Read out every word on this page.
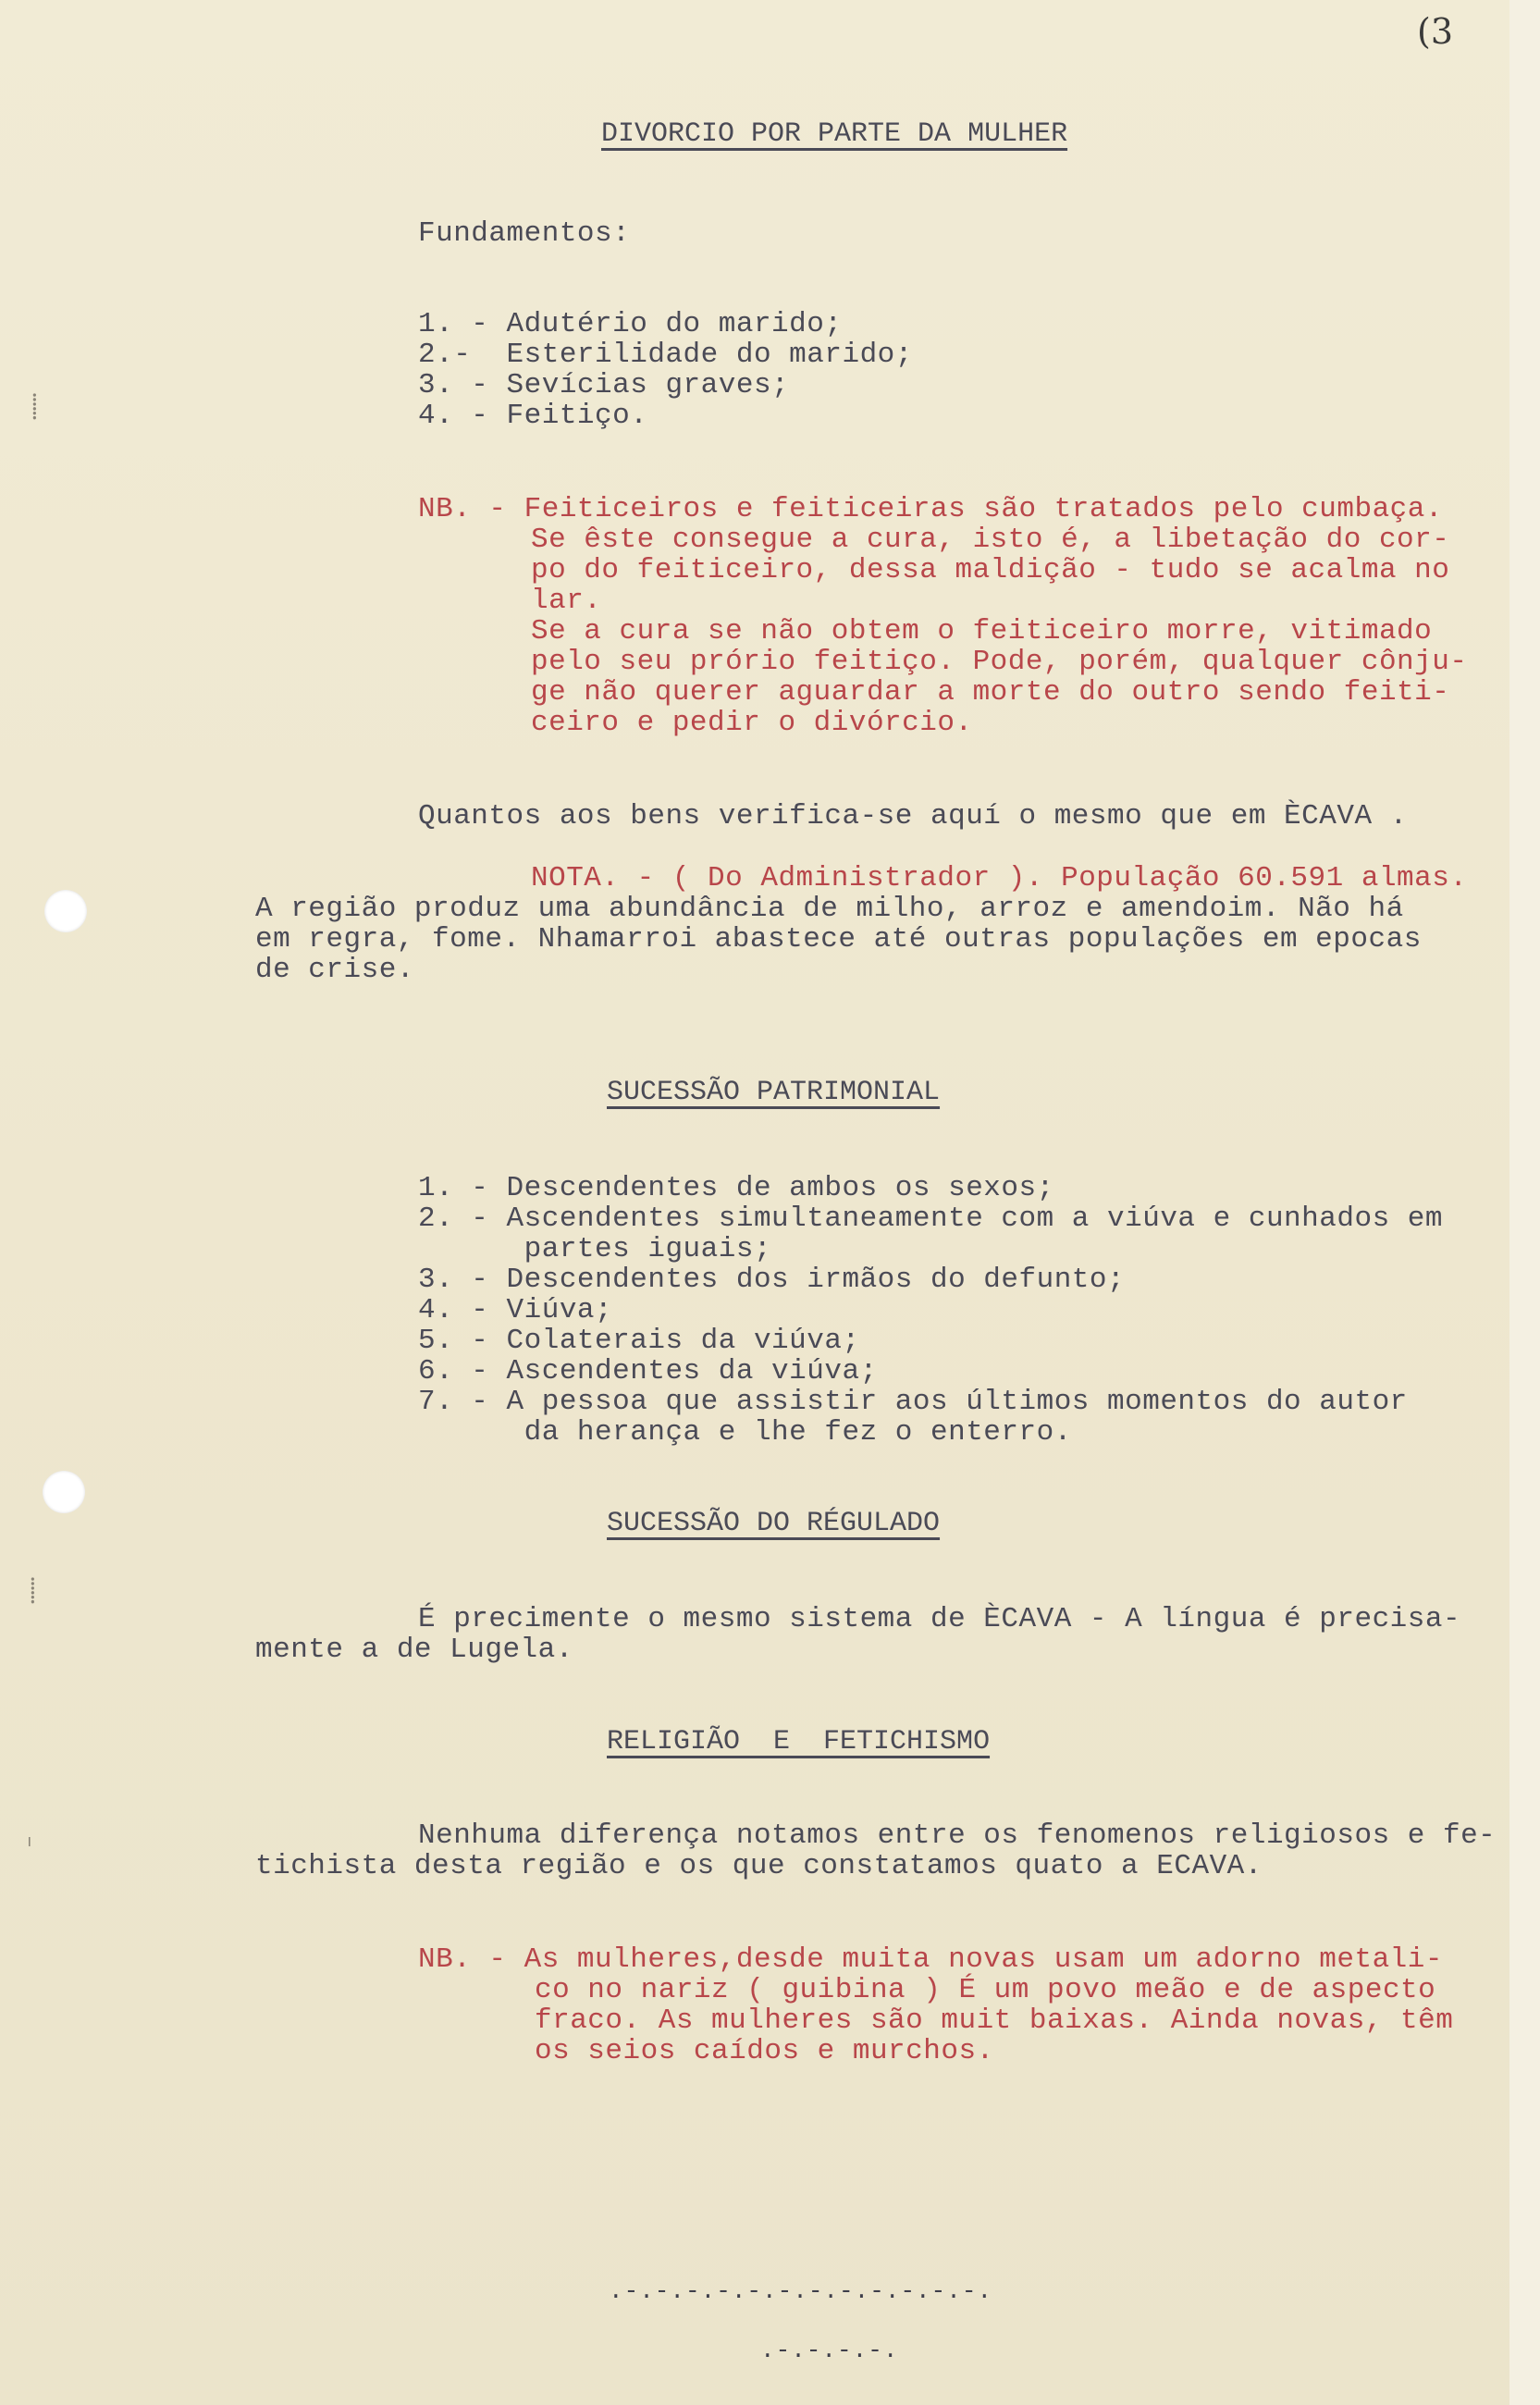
⸽
⸽
ᶦ
(3
DIVORCIO POR PARTE DA MULHER
Fundamentos:
1. - Adutério do marido;
2.-  Esterilidade do marido;
3. - Sevícias graves;
4. - Feitiço.
NB. - Feiticeiros e feiticeiras são tratados pelo cumbaça.
Se êste consegue a cura, isto é, a libetação do cor-
po do feiticeiro, dessa maldição - tudo se acalma no
lar.
Se a cura se não obtem o feiticeiro morre, vitimado
pelo seu prório feitiço. Pode, porém, qualquer cônju-
ge não querer aguardar a morte do outro sendo feiti-
ceiro e pedir o divórcio.
Quantos aos bens verifica-se aquí o mesmo que em ÈCAVA .
NOTA. - ( Do Administrador ). População 60.591 almas.
A região produz uma abundância de milho, arroz e amendoim. Não há
em regra, fome. Nhamarroi abastece até outras populações em epocas
de crise.
SUCESSÃO PATRIMONIAL
1. - Descendentes de ambos os sexos;
2. - Ascendentes simultaneamente com a viúva e cunhados em
partes iguais;
3. - Descendentes dos irmãos do defunto;
4. - Viúva;
5. - Colaterais da viúva;
6. - Ascendentes da viúva;
7. - A pessoa que assistir aos últimos momentos do autor
da herança e lhe fez o enterro.
SUCESSÃO DO RÉGULADO
É precimente o mesmo sistema de ÈCAVA - A língua é precisa-
mente a de Lugela.
RELIGIÃO  E  FETICHISMO
Nenhuma diferença notamos entre os fenomenos religiosos e fe-
tichista desta região e os que constatamos quato a ECAVA.
NB. - As mulheres,desde muita novas usam um adorno metali-
co no nariz ( guibina ) É um povo meão e de aspecto
fraco. As mulheres são muit baixas. Ainda novas, têm
os seios caídos e murchos.
.-.-.-.-.-.-.-.-.-.-.-.-.
.-.-.-.-.
